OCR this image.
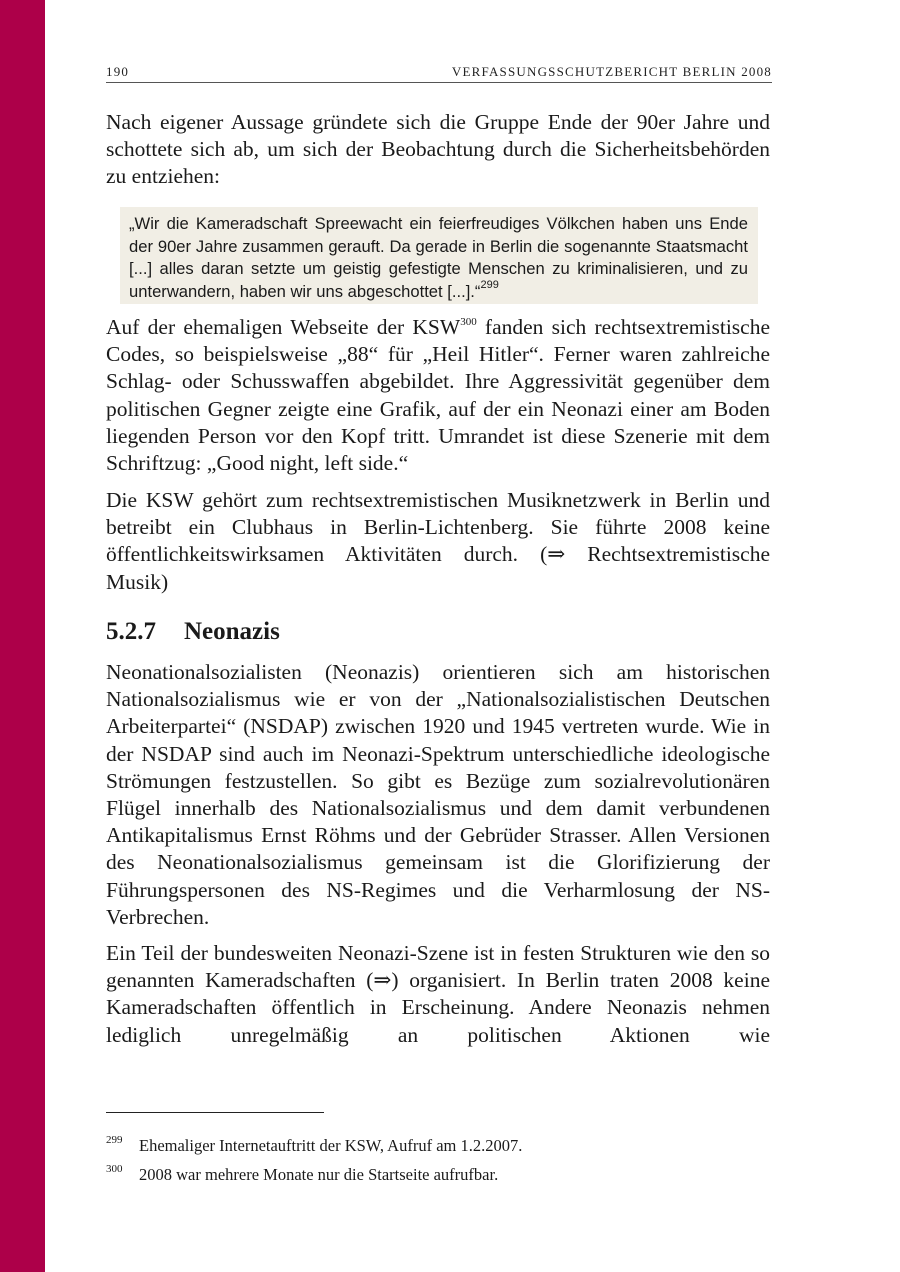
190	VERFASSUNGSSCHUTZBERICHT BERLIN 2008

Nach eigener Aussage gründete sich die Gruppe Ende der 90er Jahre und schottete sich ab, um sich der Beobachtung durch die Sicherheitsbehörden zu entziehen:

„Wir die Kameradschaft Spreewacht ein feierfreudiges Völkchen haben uns Ende der 90er Jahre zusammen gerauft. Da gerade in Berlin die sogenannte Staatsmacht [...] alles daran setzte um geistig gefestigte Menschen zu kriminalisieren, und zu unterwandern, haben wir uns abgeschottet [...].“$^{299}$

Auf der ehemaligen Webseite der KSW$^{300}$ fanden sich rechtsextremistische Codes, so beispielsweise „88“ für „Heil Hitler“. Ferner waren zahlreiche Schlag- oder Schusswaffen abgebildet. Ihre Aggressivität gegenüber dem politischen Gegner zeigte eine Grafik, auf der ein Neonazi einer am Boden liegenden Person vor den Kopf tritt. Umrandet ist diese Szenerie mit dem Schriftzug: „Good night, left side.“

Die KSW gehört zum rechtsextremistischen Musiknetzwerk in Berlin und betreibt ein Clubhaus in Berlin-Lichtenberg. Sie führte 2008 keine öffentlichkeitswirksamen Aktivitäten durch. (⇒ Rechtsextremistische Musik)

5.2.7 Neonazis

Neonationalsozialisten (Neonazis) orientieren sich am historischen Nationalsozialismus wie er von der „Nationalsozialistischen Deutschen Arbeiterpartei“ (NSDAP) zwischen 1920 und 1945 vertreten wurde. Wie in der NSDAP sind auch im Neonazi-Spektrum unterschiedliche ideologische Strömungen festzustellen. So gibt es Bezüge zum sozialrevolutionären Flügel innerhalb des Nationalsozialismus und dem damit verbundenen Antikapitalismus Ernst Röhms und der Gebrüder Strasser. Allen Versionen des Neonationalsozialismus gemeinsam ist die Glorifizierung der Führungspersonen des NS-Regimes und die Verharmlosung der NS-Verbrechen.

Ein Teil der bundesweiten Neonazi-Szene ist in festen Strukturen wie den so genannten Kameradschaften (⇒) organisiert. In Berlin traten 2008 keine Kameradschaften öffentlich in Erscheinung. Andere Neonazis nehmen lediglich unregelmäßig an politischen Aktionen wie

299 Ehemaliger Internetauftritt der KSW, Aufruf am 1.2.2007.
300 2008 war mehrere Monate nur die Startseite aufrufbar.
